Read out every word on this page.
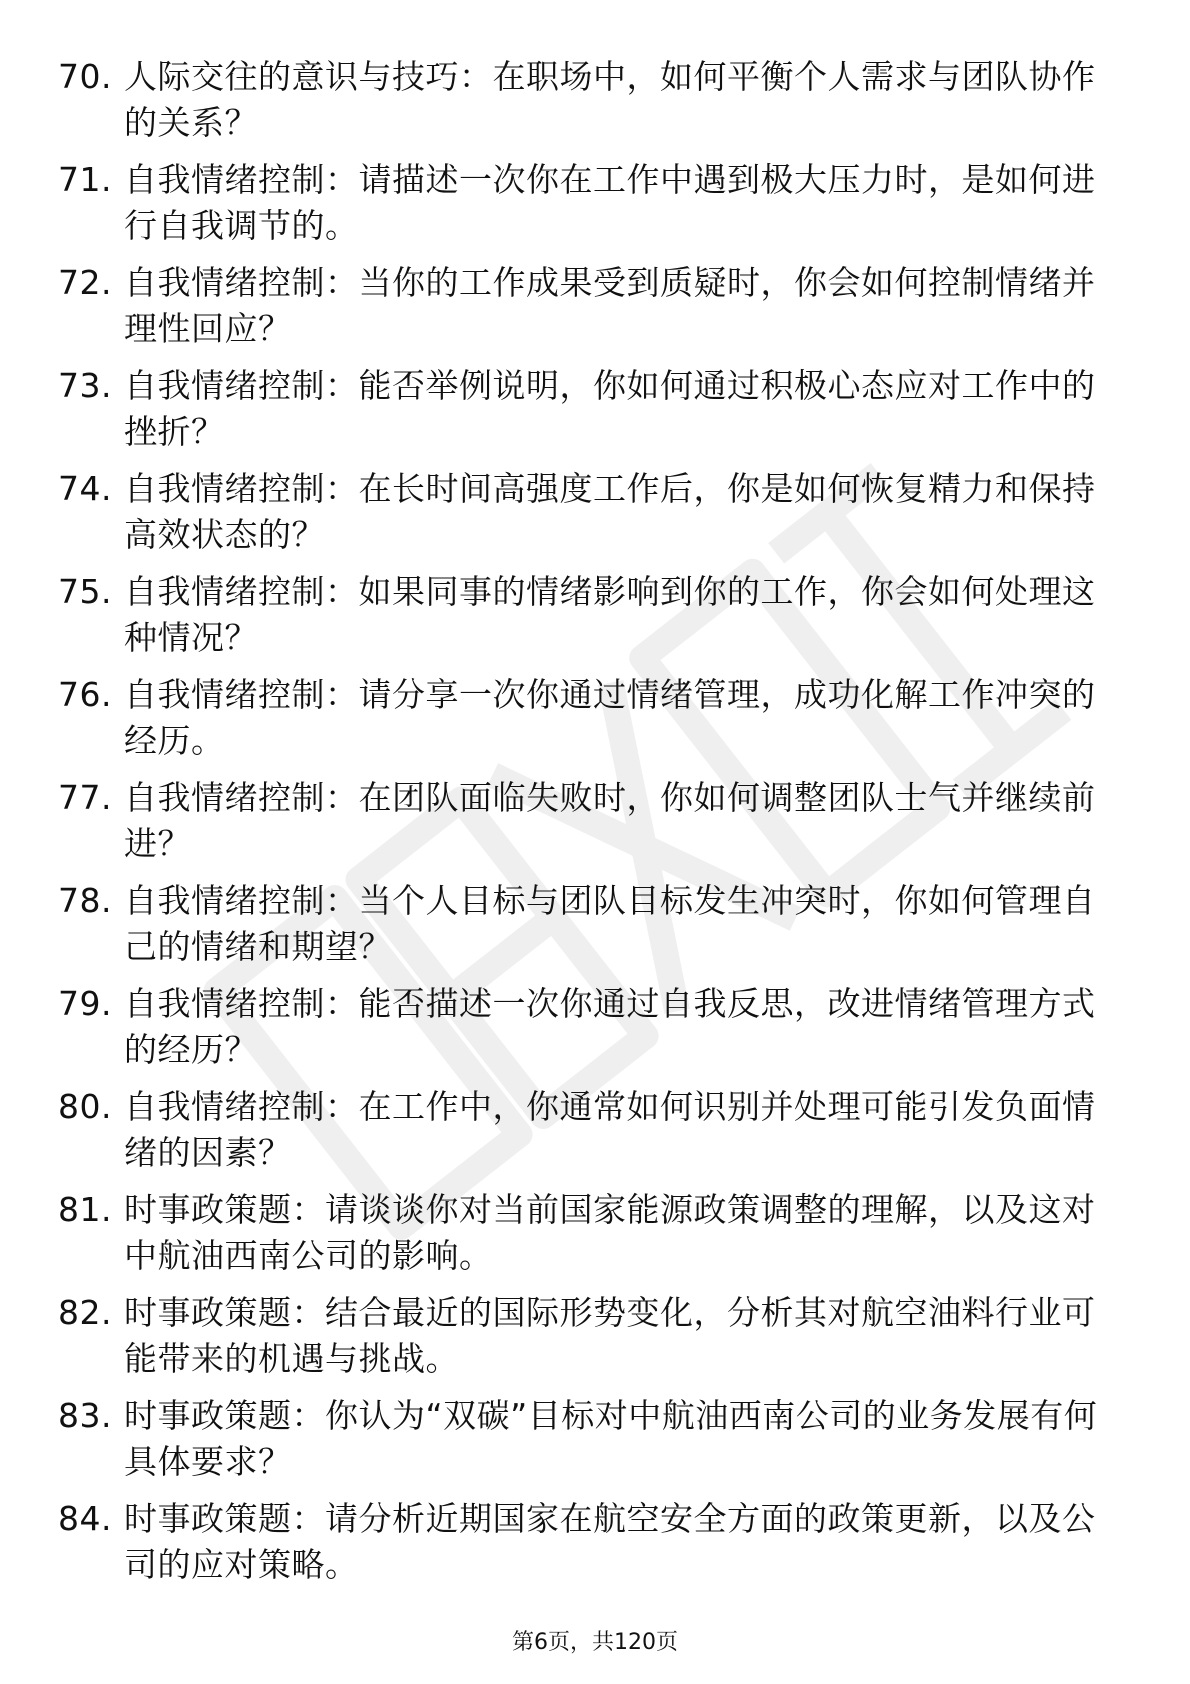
70. 人际交往的意识与技巧：在职场中，如何平衡个人需求与团队协作的关系？
71. 自我情绪控制：请描述一次你在工作中遇到极大压力时，是如何进行自我调节的。
72. 自我情绪控制：当你的工作成果受到质疑时，你会如何控制情绪并理性回应？
73. 自我情绪控制：能否举例说明，你如何通过积极心态应对工作中的挫折？
74. 自我情绪控制：在长时间高强度工作后，你是如何恢复精力和保持高效状态的？
75. 自我情绪控制：如果同事的情绪影响到你的工作，你会如何处理这种情况？
76. 自我情绪控制：请分享一次你通过情绪管理，成功化解工作冲突的经历。
77. 自我情绪控制：在团队面临失败时，你如何调整团队士气并继续前进？
78. 自我情绪控制：当个人目标与团队目标发生冲突时，你如何管理自己的情绪和期望？
79. 自我情绪控制：能否描述一次你通过自我反思，改进情绪管理方式的经历？
80. 自我情绪控制：在工作中，你通常如何识别并处理可能引发负面情绪的因素？
81. 时事政策题：请谈谈你对当前国家能源政策调整的理解，以及这对中航油西南公司的影响。
82. 时事政策题：结合最近的国际形势变化，分析其对航空油料行业可能带来的机遇与挑战。
83. 时事政策题：你认为“双碳”目标对中航油西南公司的业务发展有何具体要求？
84. 时事政策题：请分析近期国家在航空安全方面的政策更新，以及公司的应对策略。
第6页，共120页
